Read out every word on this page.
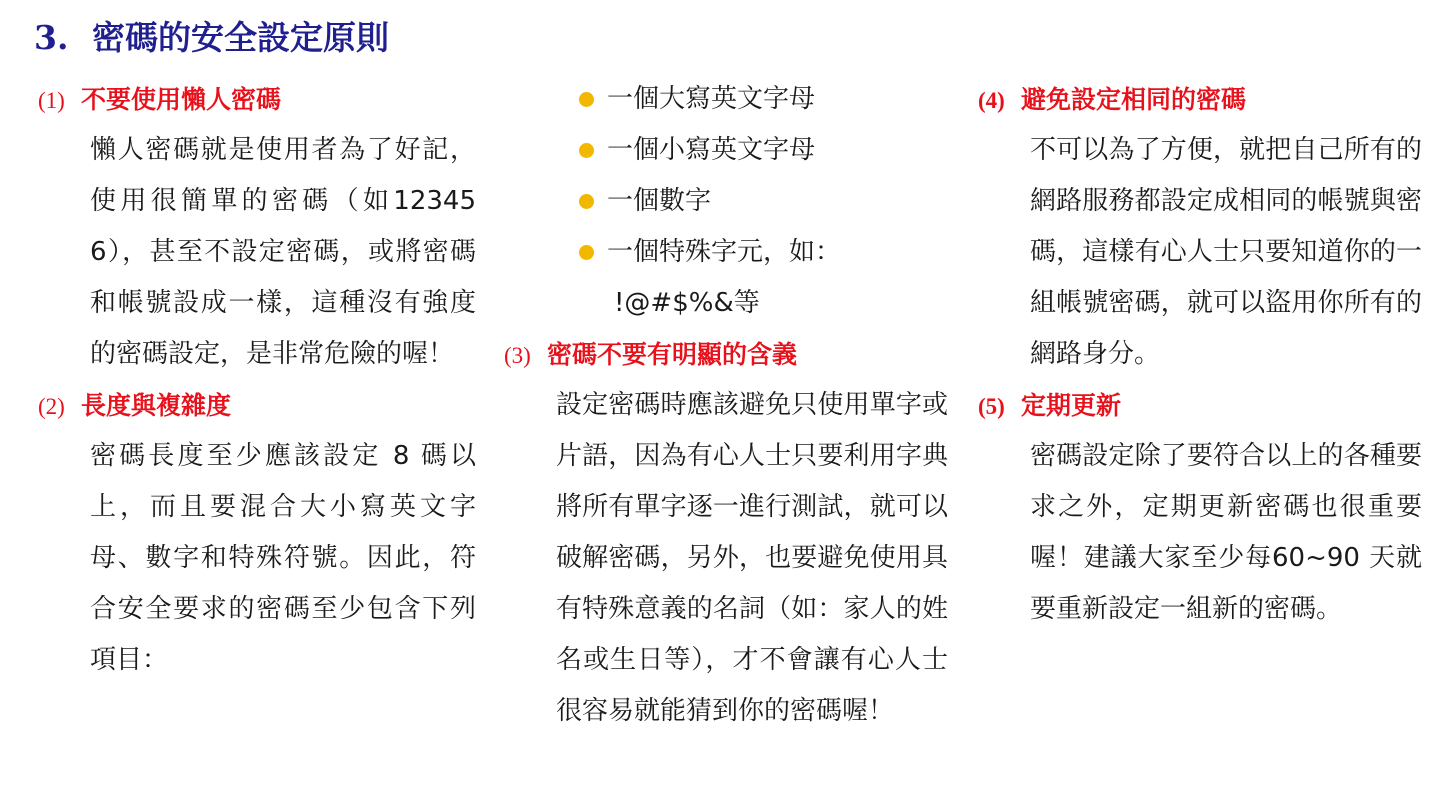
3. 密碼的安全設定原則
(1) 不要使用懶人密碼
懶人密碼就是使用者為了好記，使用很簡單的密碼（如123456），甚至不設定密碼，或將密碼和帳號設成一樣，這種沒有強度的密碼設定，是非常危險的喔！
(2) 長度與複雜度
密碼長度至少應該設定 8 碼以上，而且要混合大小寫英文字母、數字和特殊符號。因此，符合安全要求的密碼至少包含下列項目：
一個大寫英文字母
一個小寫英文字母
一個數字
一個特殊字元，如：
!@#$%&等
(3) 密碼不要有明顯的含義
設定密碼時應該避免只使用單字或片語，因為有心人士只要利用字典將所有單字逐一進行測試，就可以破解密碼，另外，也要避免使用具有特殊意義的名詞（如：家人的姓名或生日等），才不會讓有心人士很容易就能猜到你的密碼喔！
(4) 避免設定相同的密碼
不可以為了方便，就把自己所有的網路服務都設定成相同的帳號與密碼，這樣有心人士只要知道你的一組帳號密碼，就可以盜用你所有的網路身分。
(5) 定期更新
密碼設定除了要符合以上的各種要求之外，定期更新密碼也很重要喔！建議大家至少每60~90 天就要重新設定一組新的密碼。
